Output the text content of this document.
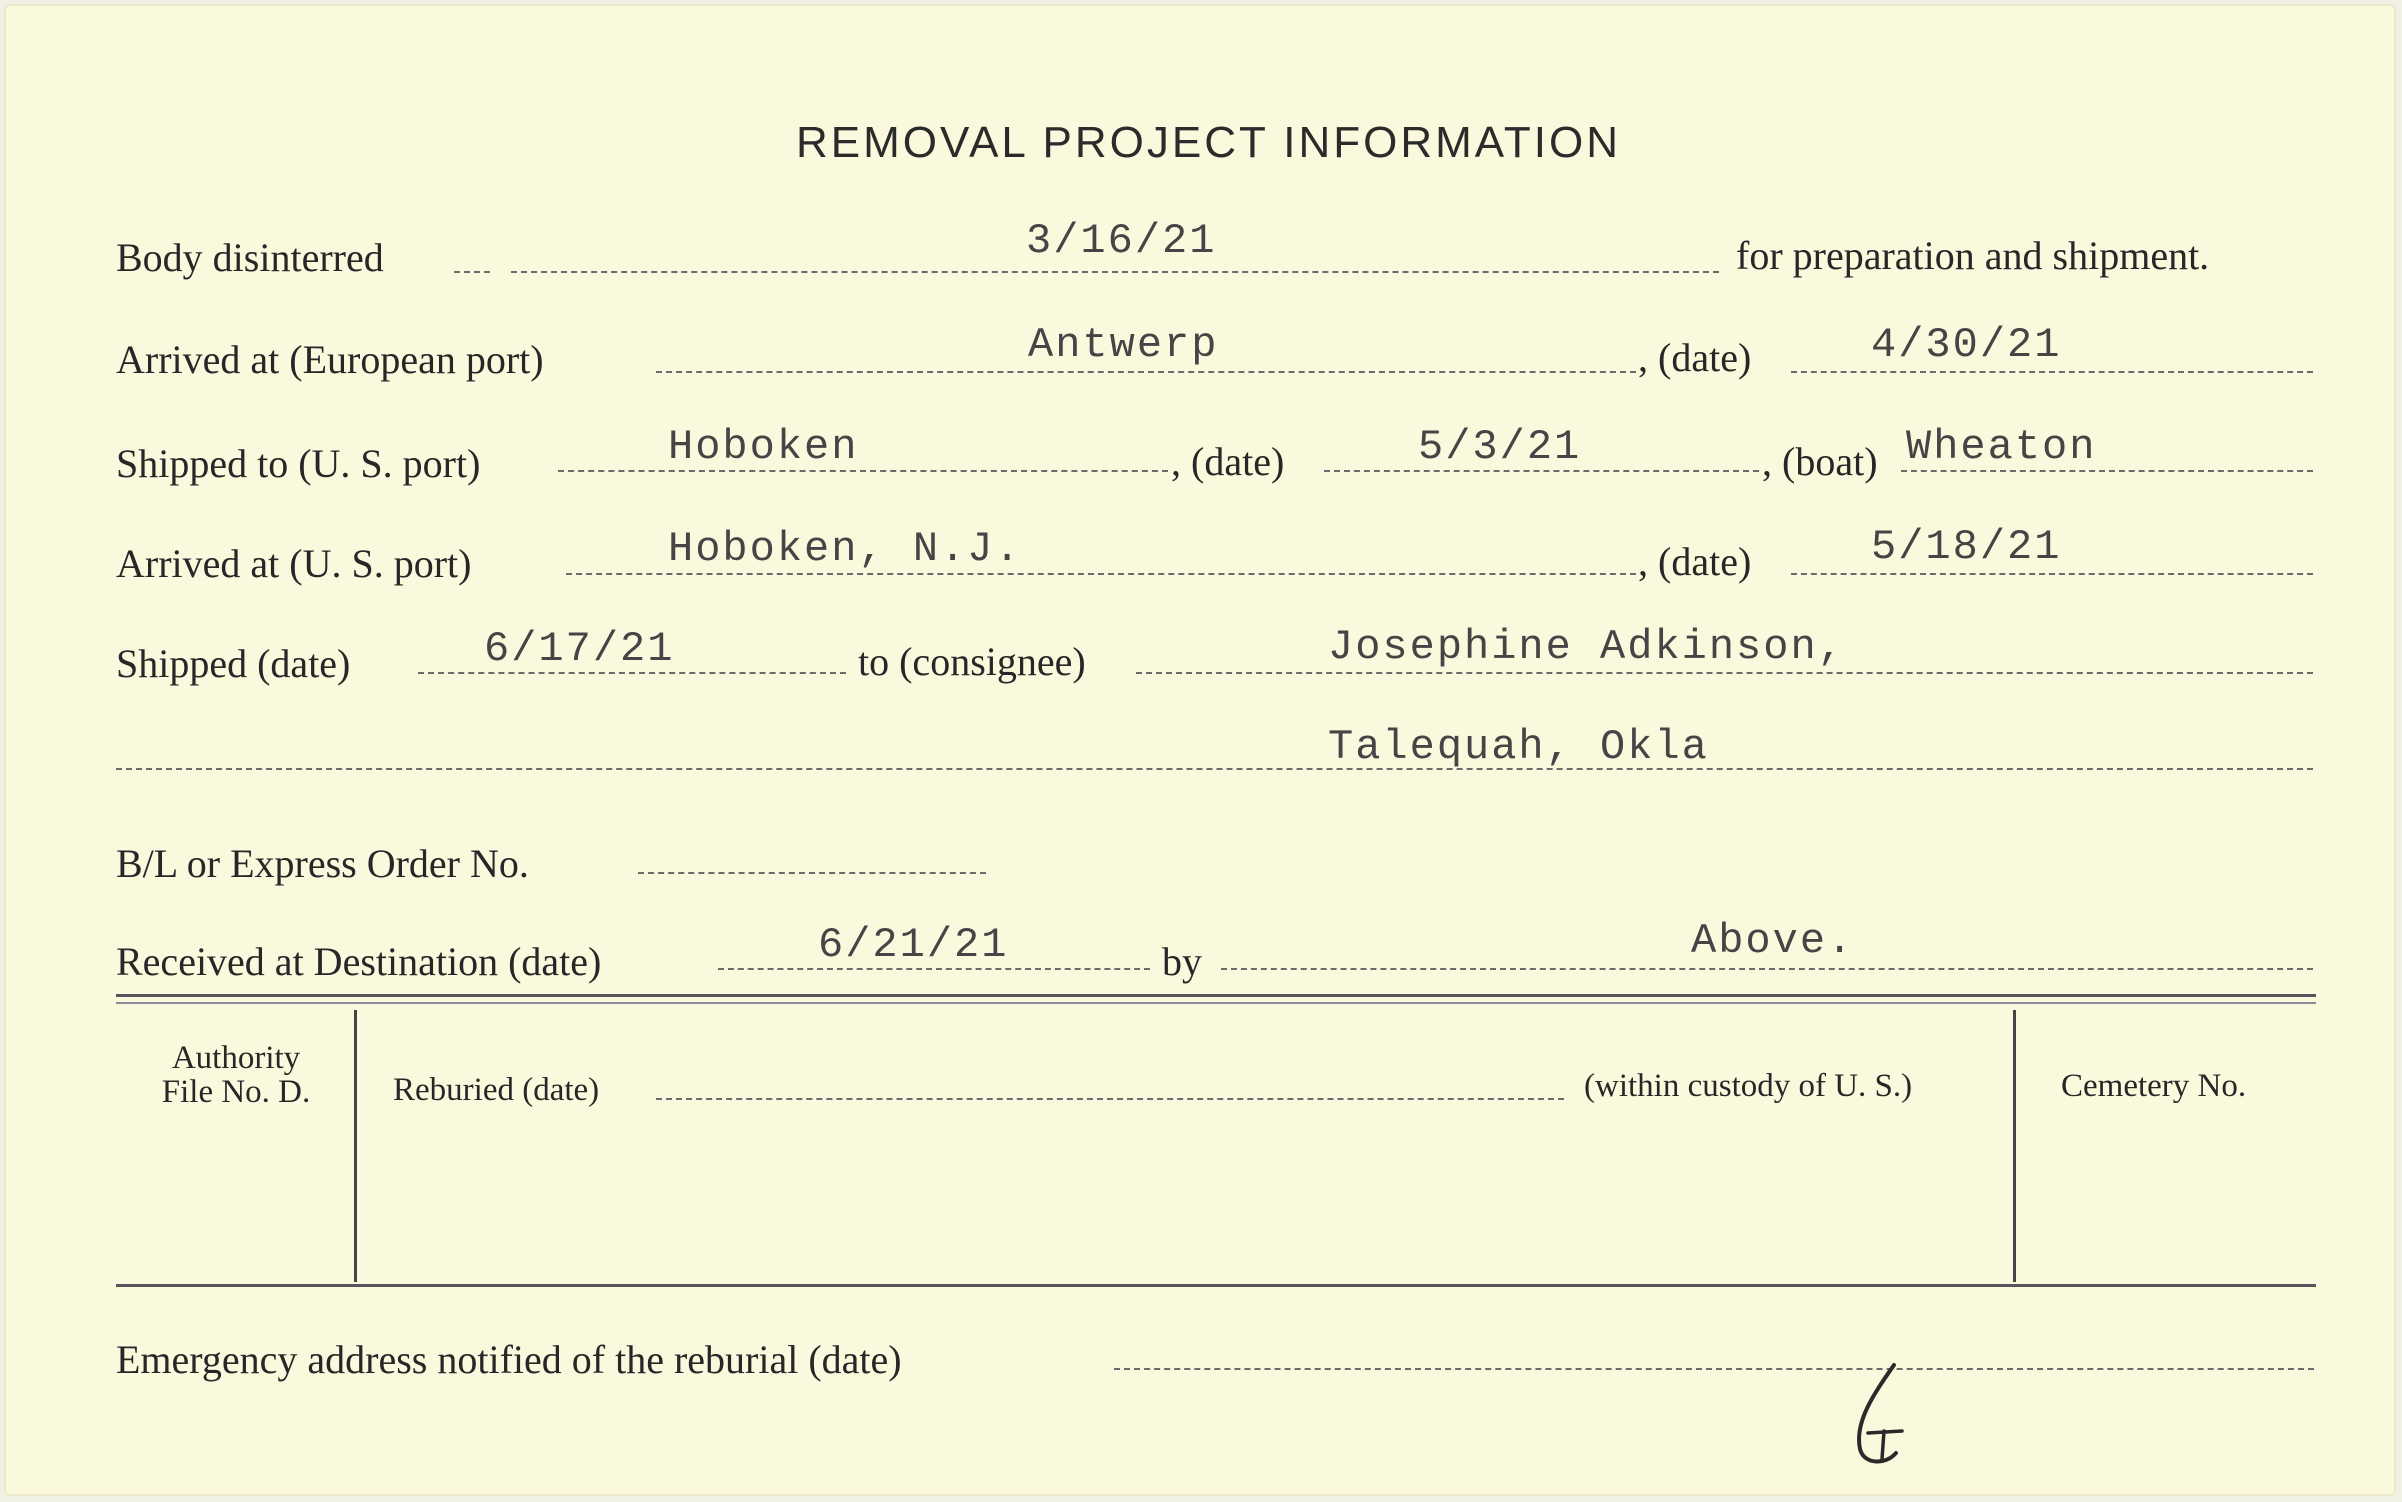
REMOVAL PROJECT INFORMATION
Body disinterred	3/16/21	for preparation and shipment.
Arrived at (European port)	Antwerp	, (date)	4/30/21
Shipped to (U. S. port)	Hoboken	, (date)	5/3/21	, (boat) Wheaton
Arrived at (U. S. port)	Hoboken, N.J.	, (date)	5/18/21
Shipped (date)	6/17/21	to (consignee)	Josephine Adkinson,
Talequah, Okla
B/L or Express Order No.
Received at Destination (date)	6/21/21	by	Above.
Authority
File No. D.	Reburied (date)	(within custody of U. S.)	Cemetery No.
Emergency address notified of the reburial (date)
